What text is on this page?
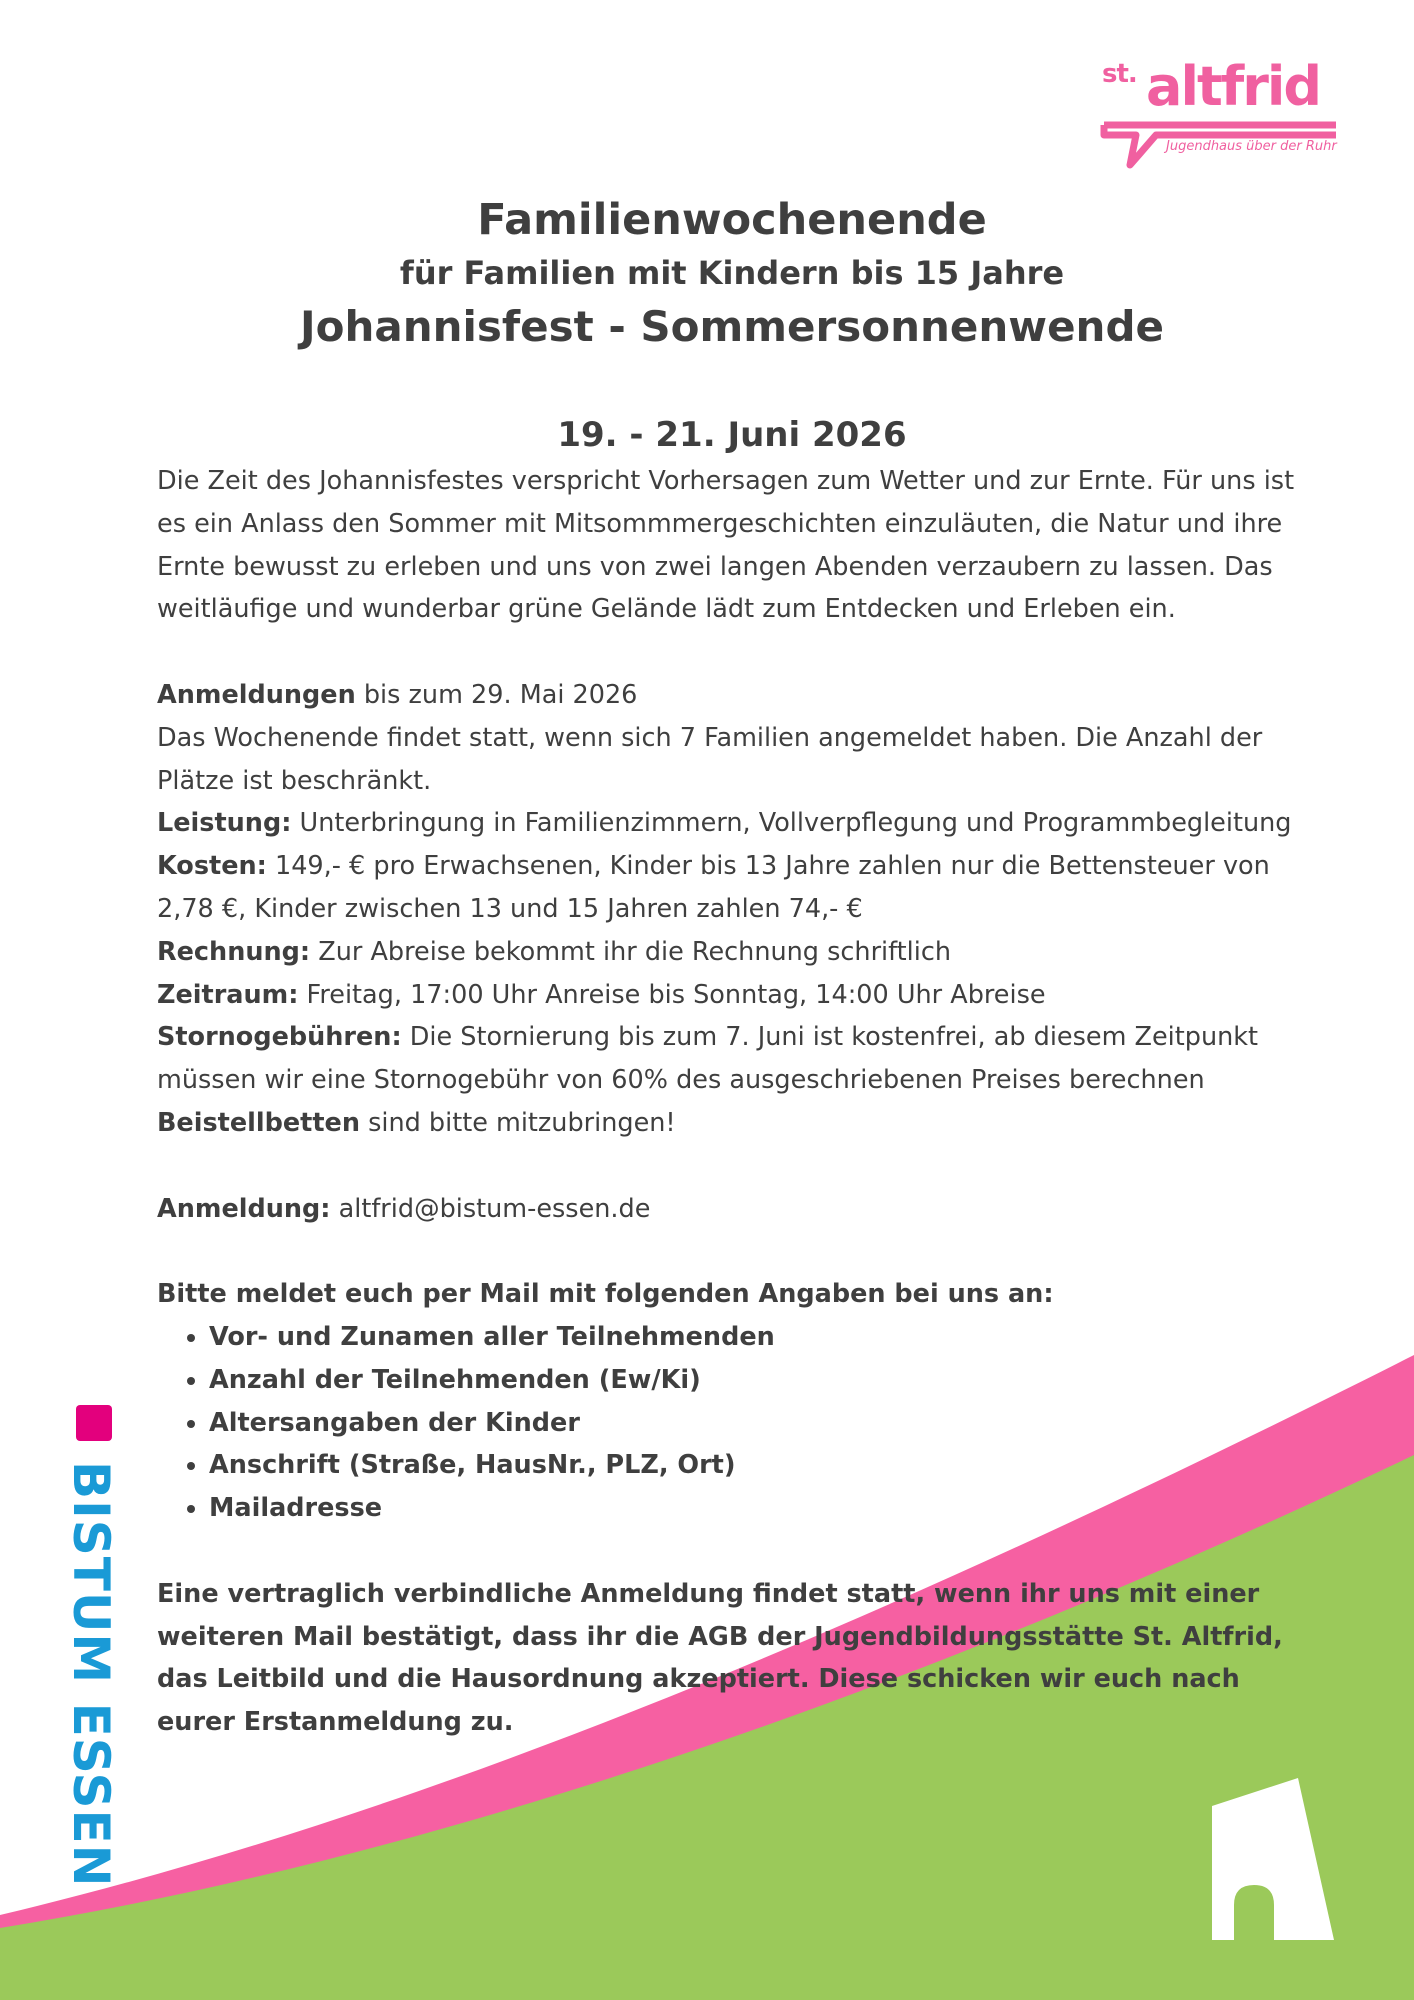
st. altfrid
Jugendhaus über der Ruhr
BISTUM ESSEN
Familienwochenende
für Familien mit Kindern bis 15 Jahre
Johannisfest - Sommersonnenwende
19. - 21. Juni 2026

Die Zeit des Johannisfestes verspricht Vorhersagen zum Wetter und zur Ernte. Für uns ist es ein Anlass den Sommer mit Mitsommmergeschichten einzuläuten, die Natur und ihre Ernte bewusst zu erleben und uns von zwei langen Abenden verzaubern zu lassen. Das weitläufige und wunderbar grüne Gelände lädt zum Entdecken und Erleben ein.

Anmeldungen bis zum 29. Mai 2026

Das Wochenende findet statt, wenn sich 7 Familien angemeldet haben. Die Anzahl der Plätze ist beschränkt.

Leistung: Unterbringung in Familienzimmern, Vollverpflegung und Programmbegleitung

Kosten: 149,- € pro Erwachsenen, Kinder bis 13 Jahre zahlen nur die Bettensteuer von 2,78 €, Kinder zwischen 13 und 15 Jahren zahlen 74,- €

Rechnung: Zur Abreise bekommt ihr die Rechnung schriftlich

Zeitraum: Freitag, 17:00 Uhr Anreise bis Sonntag, 14:00 Uhr Abreise

Stornogebühren: Die Stornierung bis zum 7. Juni ist kostenfrei, ab diesem Zeitpunkt müssen wir eine Stornogebühr von 60% des ausgeschriebenen Preises berechnen

Beistellbetten sind bitte mitzubringen!

Anmeldung: altfrid@bistum-essen.de

Bitte meldet euch per Mail mit folgenden Angaben bei uns an:

• Vor- und Zunamen aller Teilnehmenden
• Anzahl der Teilnehmenden (Ew/Ki)
• Altersangaben der Kinder
• Anschrift (Straße, HausNr., PLZ, Ort)
• Mailadresse

Eine vertraglich verbindliche Anmeldung findet statt, wenn ihr uns mit einer weiteren Mail bestätigt, dass ihr die AGB der Jugendbildungsstätte St. Altfrid, das Leitbild und die Hausordnung akzeptiert. Diese schicken wir euch nach eurer Erstanmeldung zu.
